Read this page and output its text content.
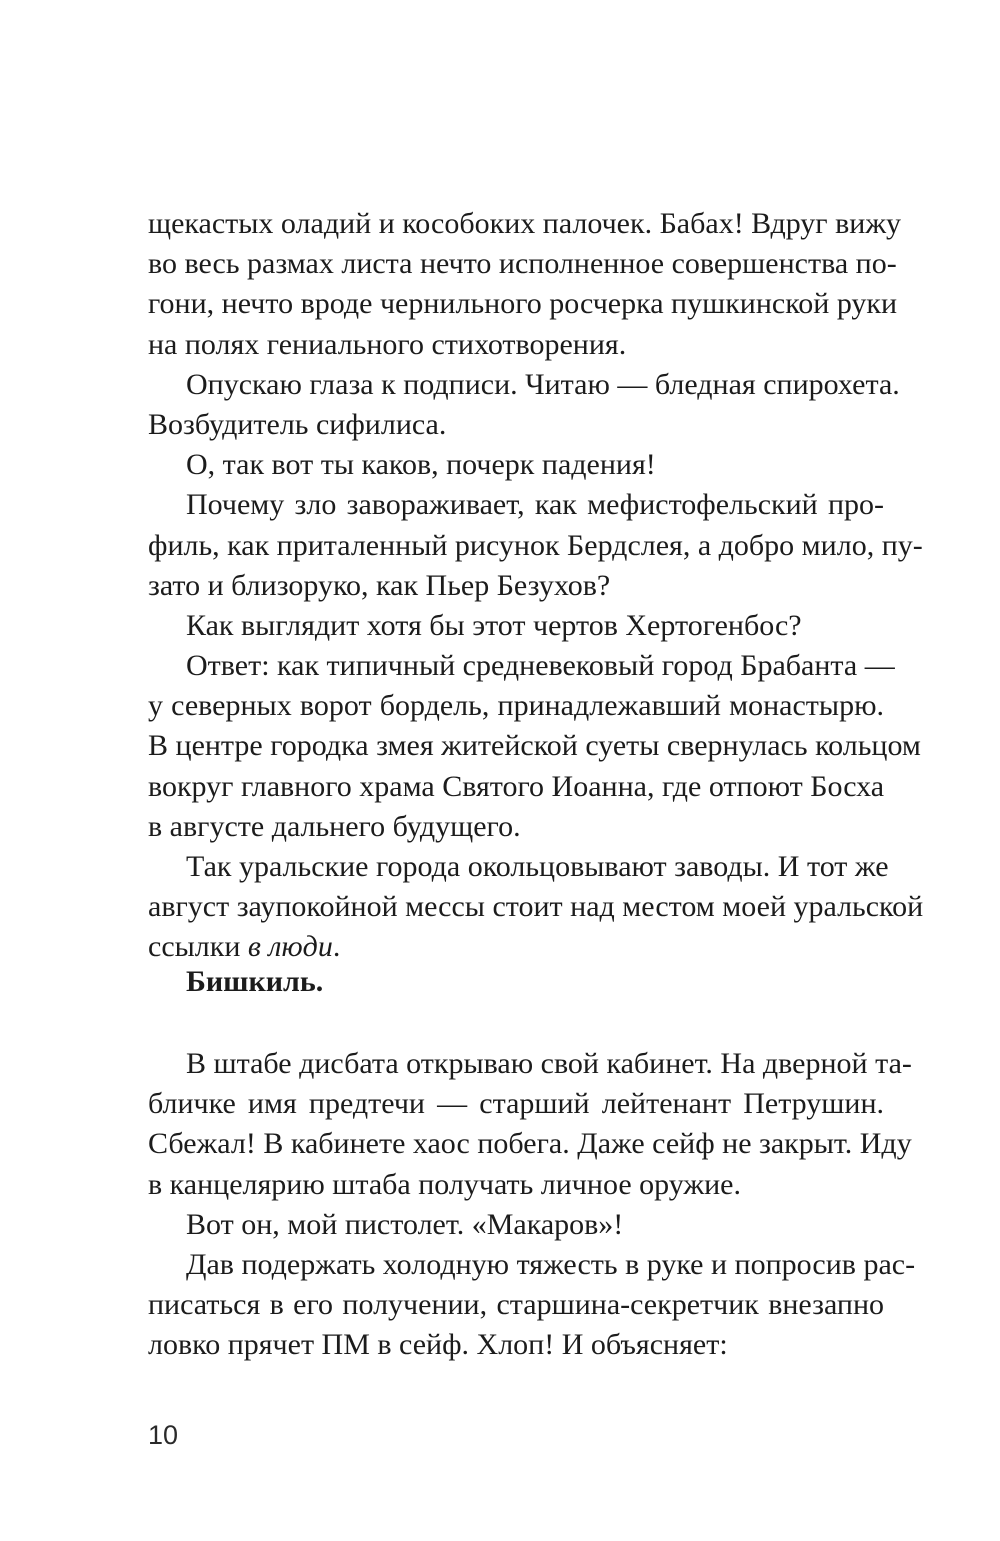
щекастых оладий и кособоких палочек. Бабах! Вдруг вижу
во весь размах листа нечто исполненное совершенства по-
гони, нечто вроде чернильного росчерка пушкинской руки
на полях гениального стихотворения.
Опускаю глаза к подписи. Читаю — бледная спирохета.
Возбудитель сифилиса.
О, так вот ты каков, почерк падения!
Почему зло завораживает, как мефистофельский про-
филь, как приталенный рисунок Бердслея, а добро мило, пу-
зато и близоруко, как Пьер Безухов?
Как выглядит хотя бы этот чертов Хертогенбос?
Ответ: как типичный средневековый город Брабанта —
у северных ворот бордель, принадлежавший монастырю.
В центре городка змея житейской суеты свернулась кольцом
вокруг главного храма Святого Иоанна, где отпоют Босха
в августе дальнего будущего.
Так уральские города окольцовывают заводы. И тот же
август заупокойной мессы стоит над местом моей уральской
ссылки в люди.
Бишкиль.
В штабе дисбата открываю свой кабинет. На дверной та-
бличке имя предтечи — старший лейтенант Петрушин.
Сбежал! В кабинете хаос побега. Даже сейф не закрыт. Иду
в канцелярию штаба получать личное оружие.
Вот он, мой пистолет. «Макаров»!
Дав подержать холодную тяжесть в руке и попросив рас-
писаться в его получении, старшина-секретчик внезапно
ловко прячет ПМ в сейф. Хлоп! И объясняет:
10
